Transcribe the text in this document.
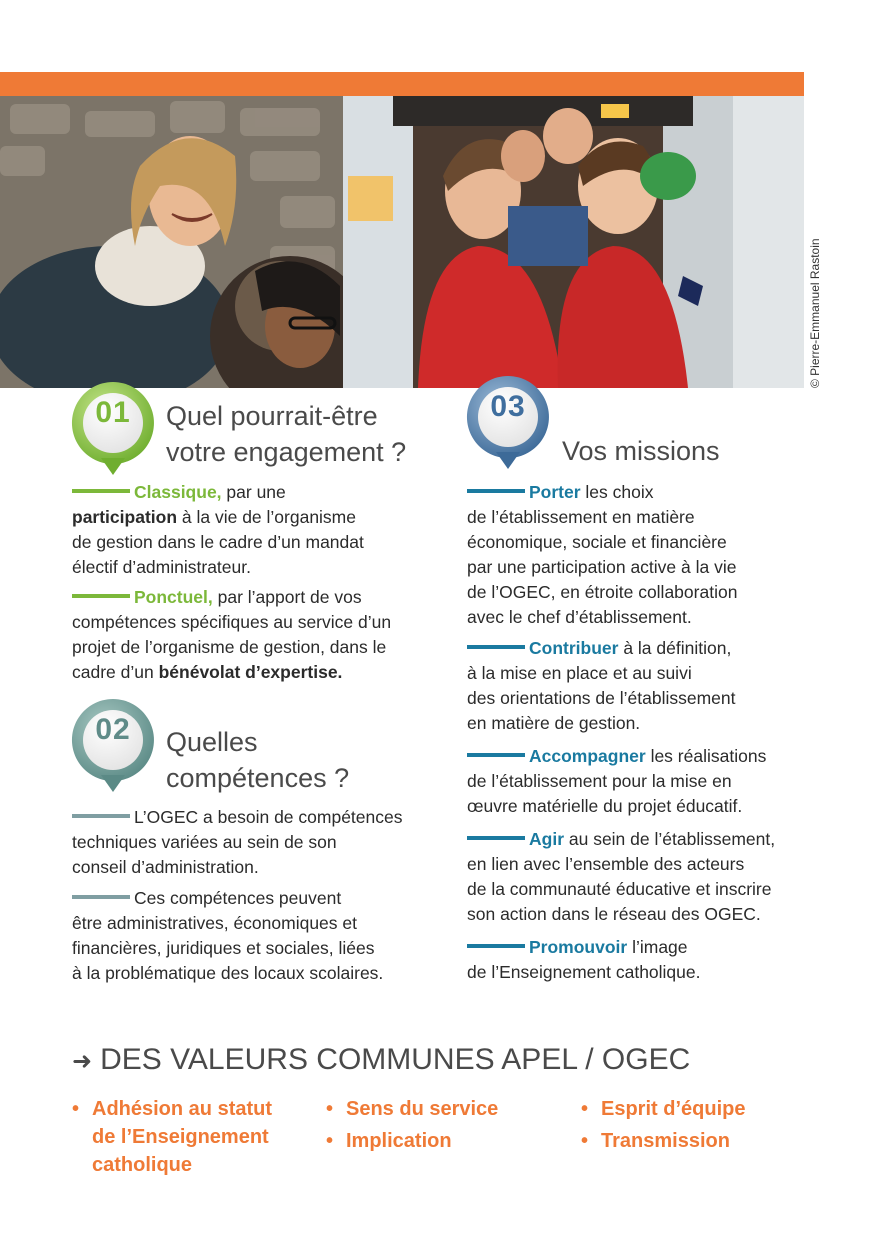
© Pierre-Emmanuel Rastoin
01	Quel pourrait-être
votre engagement ?
Classique, par une
participation à la vie de l’organisme
de gestion dans le cadre d’un mandat
électif d’administrateur.
Ponctuel, par l’apport de vos
compétences spécifiques au service d’un
projet de l’organisme de gestion, dans le
cadre d’un bénévolat d’expertise.
02	Quelles
compétences ?
L’OGEC a besoin de compétences
techniques variées au sein de son
conseil d’administration.
Ces compétences peuvent
être administratives, économiques et
financières, juridiques et sociales, liées
à la problématique des locaux scolaires.
03
Vos missions
Porter les choix
de l’établissement en matière
économique, sociale et financière
par une participation active à la vie
de l’OGEC, en étroite collaboration
avec le chef d’établissement.
Contribuer à la définition,
à la mise en place et au suivi
des orientations de l’établissement
en matière de gestion.
Accompagner les réalisations
de l’établissement pour la mise en
œuvre matérielle du projet éducatif.
Agir au sein de l’établissement,
en lien avec l’ensemble des acteurs
de la communauté éducative et inscrire
son action dans le réseau des OGEC.
Promouvoir l’image
de l’Enseignement catholique.
➜ DES VALEURS COMMUNES APEL / OGEC
• Adhésion au statut
de l’Enseignement
catholique
• Sens du service
• Implication
• Esprit d’équipe
• Transmission
